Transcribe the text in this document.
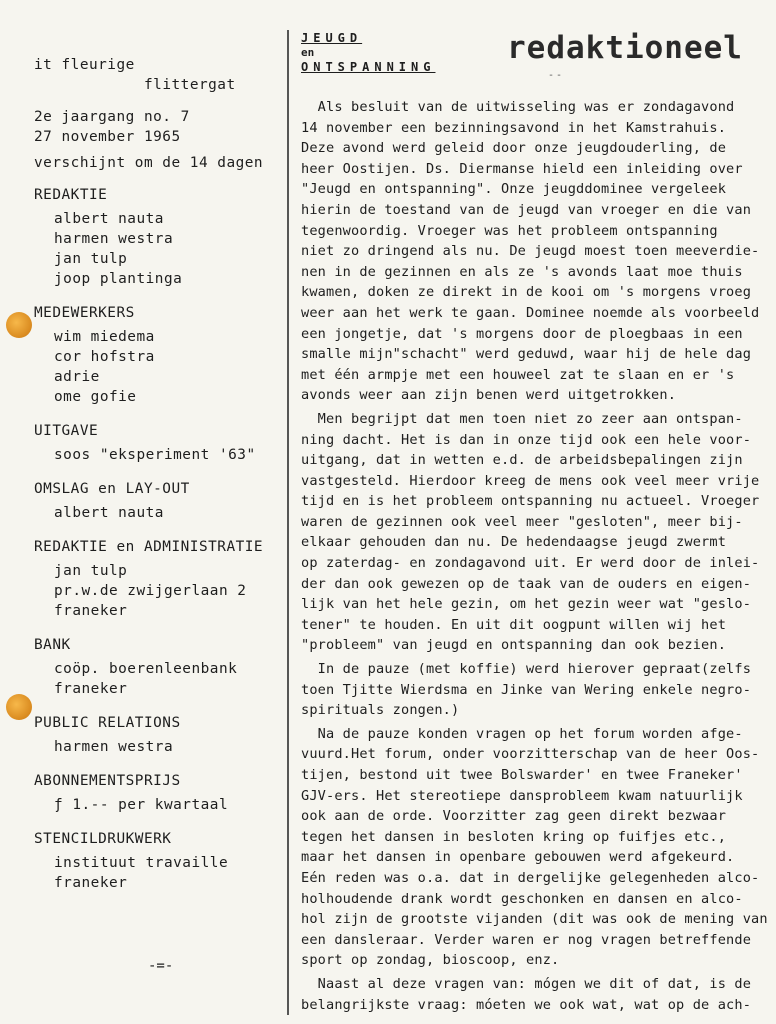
it fleurige
flittergat
2e jaargang no. 7
27 november 1965
verschijnt om de 14 dagen
REDAKTIE
albert nauta
harmen westra
jan tulp
joop plantinga
MEDEWERKERS
wim miedema
cor hofstra
adrie
ome gofie
UITGAVE
soos "eksperiment '63"
OMSLAG en LAY-OUT
albert nauta
REDAKTIE en ADMINISTRATIE
jan tulp
pr.w.de zwijgerlaan 2
franeker
BANK
coöp. boerenleenbank
franeker
PUBLIC RELATIONS
harmen westra
ABONNEMENTSPRIJS
ƒ 1.-- per kwartaal
STENCILDRUKWERK
instituut travaille
franeker
-=-
JEUGD
en
ONTSPANNING
redaktioneel
--
Als besluit van de uitwisseling was er zondagavond
14 november een bezinningsavond in het Kamstrahuis.
Deze avond werd geleid door onze jeugdouderling, de
heer Oostijen. Ds. Diermanse hield een inleiding over
"Jeugd en ontspanning". Onze jeugddominee vergeleek
hierin de toestand van de jeugd van vroeger en die van
tegenwoordig. Vroeger was het probleem ontspanning
niet zo dringend als nu. De jeugd moest toen meeverdie-
nen in de gezinnen en als ze 's avonds laat moe thuis
kwamen, doken ze direkt in de kooi om 's morgens vroeg
weer aan het werk te gaan. Dominee noemde als voorbeeld
een jongetje, dat 's morgens door de ploegbaas in een
smalle mijn"schacht" werd geduwd, waar hij de hele dag
met één armpje met een houweel zat te slaan en er 's
avonds weer aan zijn benen werd uitgetrokken.
Men begrijpt dat men toen niet zo zeer aan ontspan-
ning dacht. Het is dan in onze tijd ook een hele voor-
uitgang, dat in wetten e.d. de arbeidsbepalingen zijn
vastgesteld. Hierdoor kreeg de mens ook veel meer vrije
tijd en is het probleem ontspanning nu actueel. Vroeger
waren de gezinnen ook veel meer "gesloten", meer bij-
elkaar gehouden dan nu. De hedendaagse jeugd zwermt
op zaterdag- en zondagavond uit. Er werd door de inlei-
der dan ook gewezen op de taak van de ouders en eigen-
lijk van het hele gezin, om het gezin weer wat "geslo-
tener" te houden. En uit dit oogpunt willen wij het
"probleem" van jeugd en ontspanning dan ook bezien.
In de pauze (met koffie) werd hierover gepraat(zelfs
toen Tjitte Wierdsma en Jinke van Wering enkele negro-
spirituals zongen.)
Na de pauze konden vragen op het forum worden afge-
vuurd.Het forum, onder voorzitterschap van de heer Oos-
tijen, bestond uit twee Bolswarder' en twee Franeker'
GJV-ers. Het stereotiepe dansprobleem kwam natuurlijk
ook aan de orde. Voorzitter zag geen direkt bezwaar
tegen het dansen in besloten kring op fuifjes etc.,
maar het dansen in openbare gebouwen werd afgekeurd.
Eén reden was o.a. dat in dergelijke gelegenheden alco-
holhoudende drank wordt geschonken en dansen en alco-
hol zijn de grootste vijanden (dit was ook de mening van
een dansleraar. Verder waren er nog vragen betreffende
sport op zondag, bioscoop, enz.
Naast al deze vragen van: mógen we dit of dat, is de
belangrijkste vraag: móeten we ook wat, wat op de ach-
